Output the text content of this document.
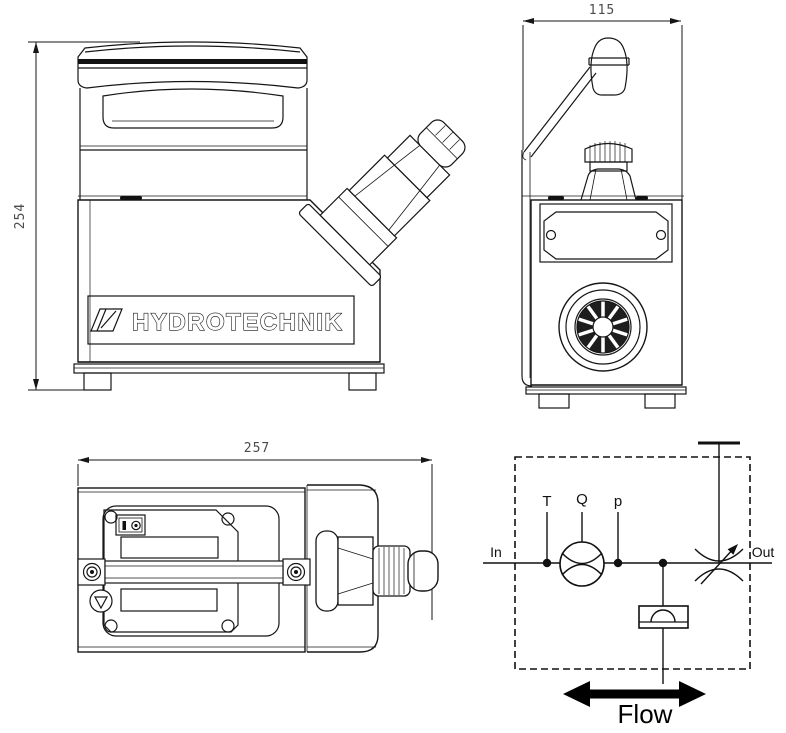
254
HYDROTECHNIK
115
257
In	Out
T Q p
Flow
